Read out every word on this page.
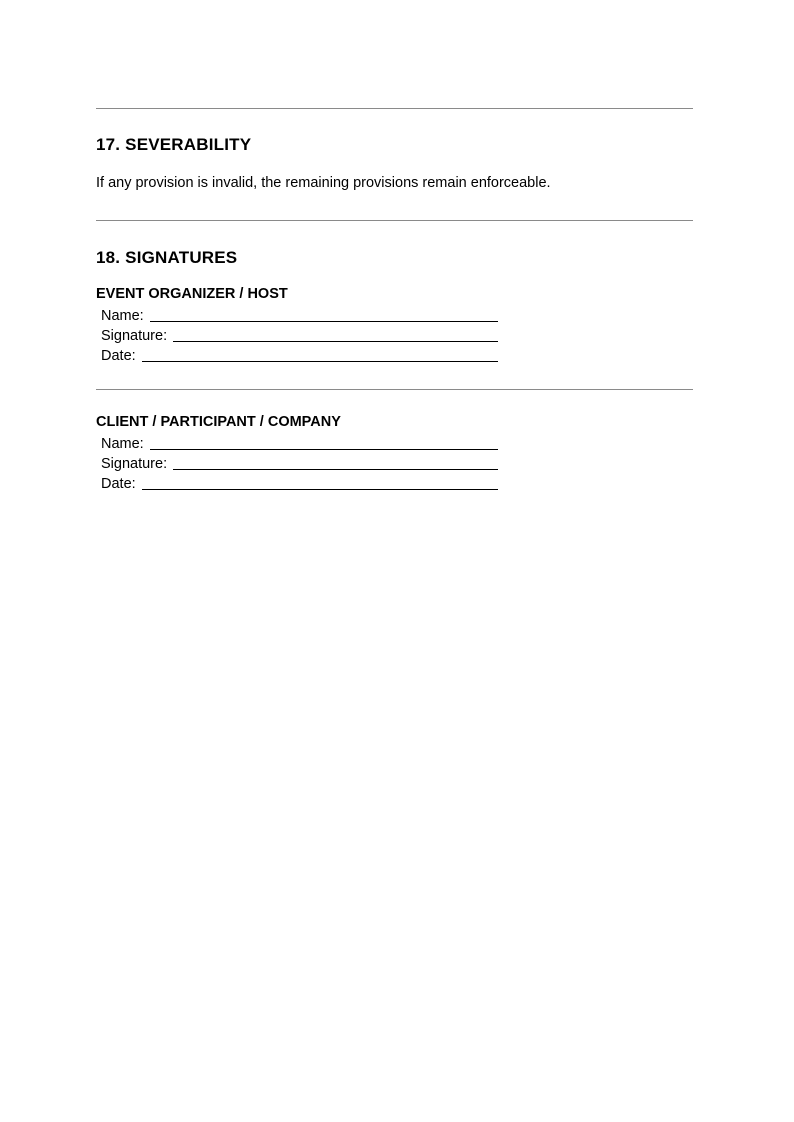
17. SEVERABILITY

If any provision is invalid, the remaining provisions remain enforceable.

18. SIGNATURES
EVENT ORGANIZER / HOST
Name:
Signature:
Date:
CLIENT / PARTICIPANT / COMPANY
Name:
Signature:
Date:
